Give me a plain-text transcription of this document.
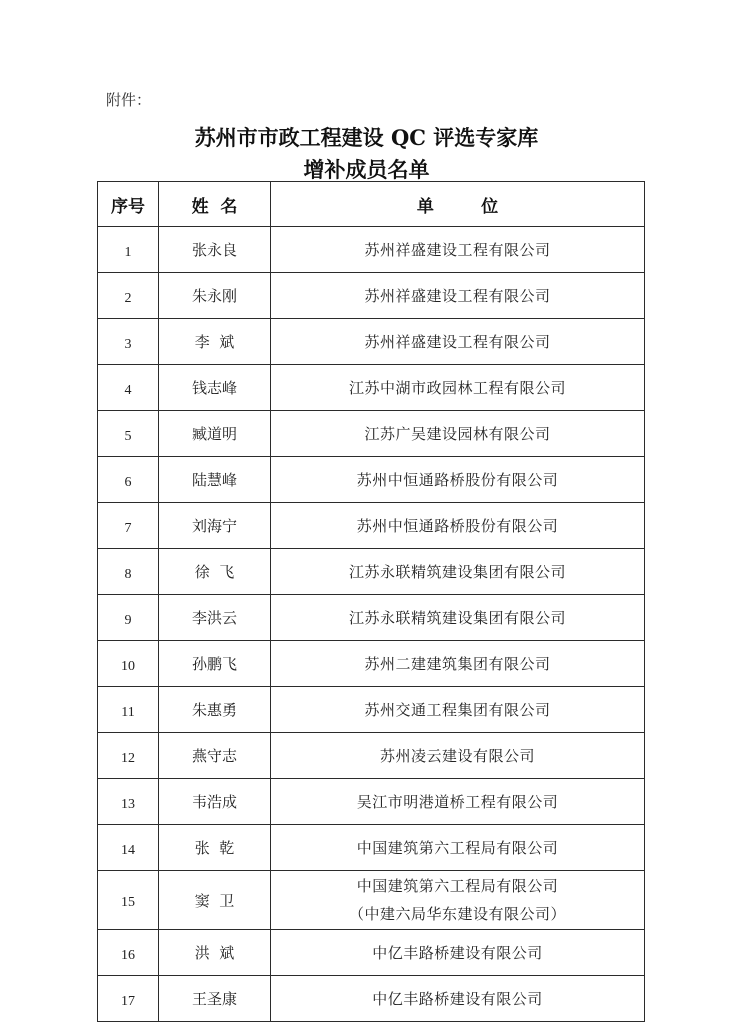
附件：
苏州市市政工程建设 QC 评选专家库
增补成员名单
序号	姓  名	单        位
1	张永良	苏州祥盛建设工程有限公司
2	朱永刚	苏州祥盛建设工程有限公司
3	李  斌	苏州祥盛建设工程有限公司
4	钱志峰	江苏中湖市政园林工程有限公司
5	臧道明	江苏广吴建设园林有限公司
6	陆慧峰	苏州中恒通路桥股份有限公司
7	刘海宁	苏州中恒通路桥股份有限公司
8	徐  飞	江苏永联精筑建设集团有限公司
9	李洪云	江苏永联精筑建设集团有限公司
10	孙鹏飞	苏州二建建筑集团有限公司
11	朱惠勇	苏州交通工程集团有限公司
12	燕守志	苏州凌云建设有限公司
13	韦浩成	吴江市明港道桥工程有限公司
14	张  乾	中国建筑第六工程局有限公司
15	窦  卫	中国建筑第六工程局有限公司
（中建六局华东建设有限公司）

16	洪  斌	中亿丰路桥建设有限公司
17	王圣康	中亿丰路桥建设有限公司
